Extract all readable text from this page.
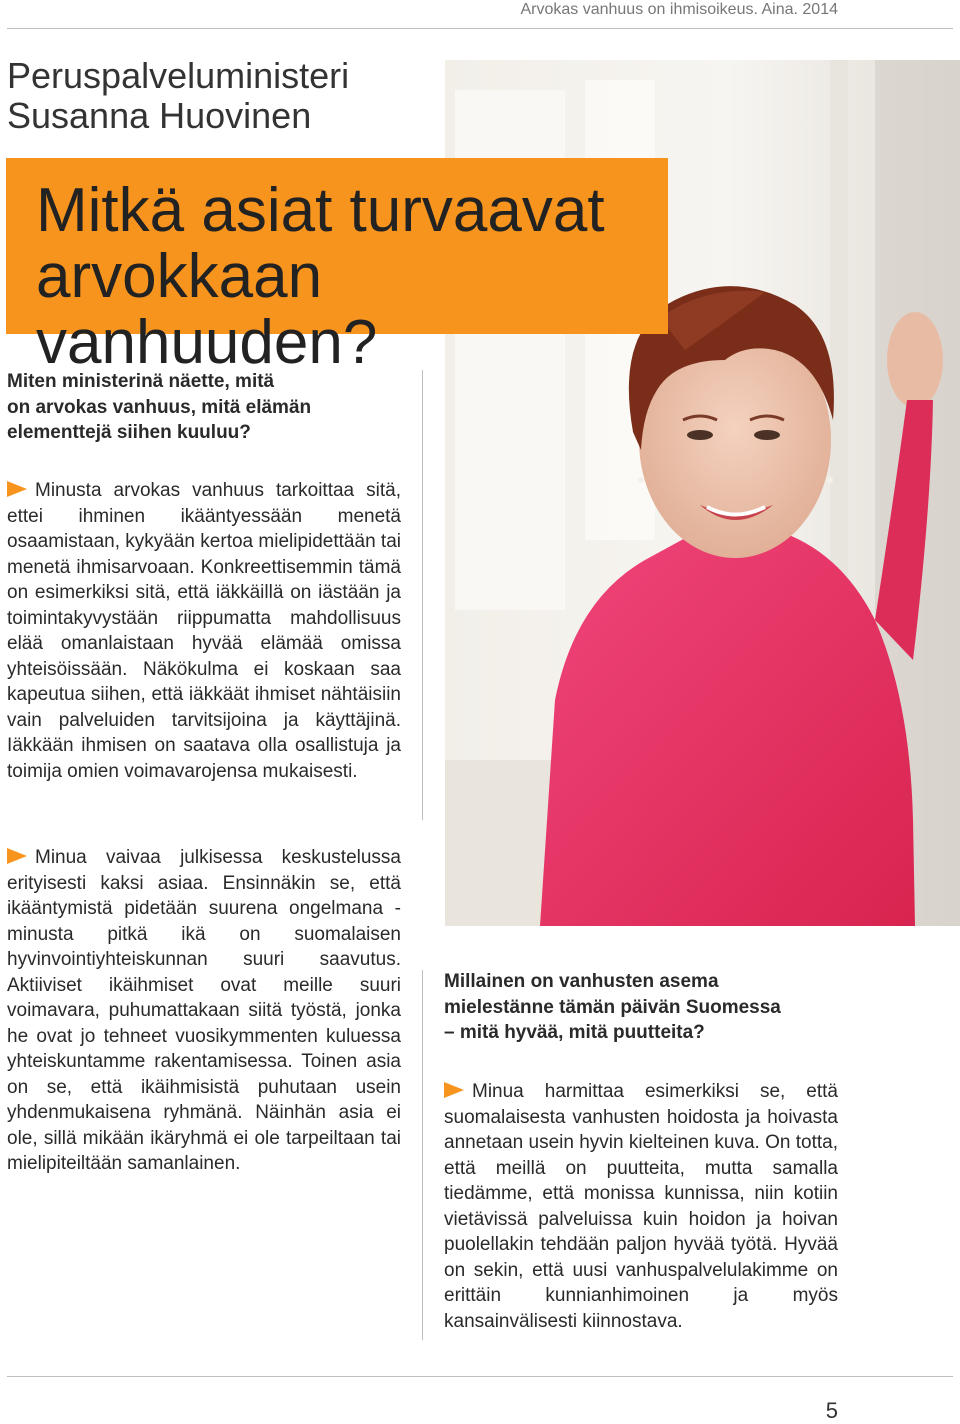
Arvokas vanhuus on ihmisoikeus. Aina. 2014
Peruspalveluministeri
Susanna Huovinen
Mitkä asiat turvaavat
arvokkaan vanhuuden?

Miten ministerinä näette, mitä
on arvokas vanhuus, mitä elämän
elementtejä siihen kuuluu?

Minusta arvokas vanhuus tarkoittaa sitä, ettei ihminen ikääntyessään menetä osaamistaan, kykyään kertoa mielipidettään tai menetä ihmisarvoaan. Konkreettisemmin tämä on esimerkiksi sitä, että iäkkäillä on iästään ja toimintakyvystään riippumatta mahdollisuus elää omanlaistaan hyvää elämää omissa yhteisöissään. Näkökulma ei koskaan saa kapeutua siihen, että iäkkäät ihmiset nähtäisiin vain palveluiden tarvitsijoina ja käyttäjinä. Iäkkään ihmisen on saatava olla osallistuja ja toimija omien voimavarojensa mukaisesti.

Minua vaivaa julkisessa keskustelussa erityisesti kaksi asiaa. Ensinnäkin se, että ikääntymistä pidetään suurena ongelmana - minusta pitkä ikä on suomalaisen hyvinvointiyhteiskunnan suuri saavutus. Aktiiviset ikäihmiset ovat meille suuri voimavara, puhumattakaan siitä työstä, jonka he ovat jo tehneet vuosikymmenten kuluessa yhteiskuntamme rakentamisessa. Toinen asia on se, että ikäihmisistä puhutaan usein yhdenmukaisena ryhmänä. Näinhän asia ei ole, sillä mikään ikäryhmä ei ole tarpeiltaan tai mielipiteiltään samanlainen.

Millainen on vanhusten asema
mielestänne tämän päivän Suomessa
– mitä hyvää, mitä puutteita?

Minua harmittaa esimerkiksi se, että suomalaisesta vanhusten hoidosta ja hoivasta annetaan usein hyvin kielteinen kuva. On totta, että meillä on puutteita, mutta samalla tiedämme, että monissa kunnissa, niin kotiin vietävissä palveluissa kuin hoidon ja hoivan puolellakin tehdään paljon hyvää työtä. Hyvää on sekin, että uusi vanhuspalvelulakimme on erittäin kunnianhimoinen ja myös kansainvälisesti kiinnostava.

5
